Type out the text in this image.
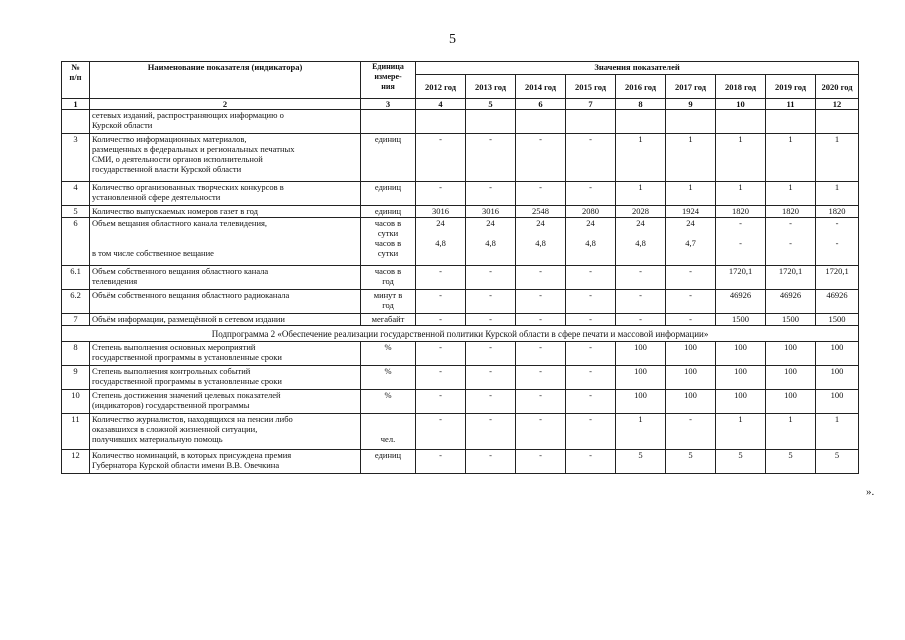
5
№
п/п	Наименование показателя (индикатора)	Единица
измере-
ния	Значения показателей								
			2012 год	2013 год	2014 год	2015 год	2016 год	2017 год	2018 год	2019 год	2020 год
1	2	3	4	5	6	7	8	9	10	11	12
	сетевых изданий, распространяющих информацию о
Курской области										
3	Количество информационных материалов,
размещенных в федеральных и региональных печатных
СМИ, о деятельности органов исполнительной
государственной власти Курской области	единиц	-	-	-	-	1	1	1	1	1
4	Количество организованных творческих конкурсов в
установленной сфере деятельности	единиц	-	-	-	-	1	1	1	1	1
5	Количество выпускаемых номеров газет в год	единиц	3016	3016	2548	2080	2028	1924	1820	1820	1820
6	Объем вещания областного канала телевидения,

в том числе собственное вещание	часов в
сутки
часов в
сутки	24

4,8	24

4,8	24

4,8	24

4,8	24

4,8	24

4,7	-

-	-

-	-

-
6.1	Объем собственного вещания областного канала
телевидения	часов в
год	-	-	-	-	-	-	1720,1	1720,1	1720,1
6.2	Объём собственного вещания областного радиоканала	минут в
год	-	-	-	-	-	-	46926	46926	46926
7	Объём информации, размещённой в сетевом издании	мегабайт	-	-	-	-	-	-	1500	1500	1500
Подпрограмма 2 «Обеспечение реализации государственной политики Курской области в сфере печати и массовой информации»											
8	Степень выполнения основных мероприятий
государственной программы в установленные сроки	%	-	-	-	-	100	100	100	100	100
9	Степень выполнения контрольных событий
государственной программы в установленные сроки	%	-	-	-	-	100	100	100	100	100
10	Степень достижения значений целевых показателей
(индикаторов) государственной программы	%	-	-	-	-	100	100	100	100	100
11	Количество журналистов, находящихся на пенсии либо
оказавшихся в сложной жизненной ситуации,
получивших материальную помощь	

чел.	-	-	-	-	1	-	1	1	1
12	Количество номинаций, в которых присуждена премия
Губернатора Курской области имени В.В. Овечкина	единиц	-	-	-	-	5	5	5	5	5
».
